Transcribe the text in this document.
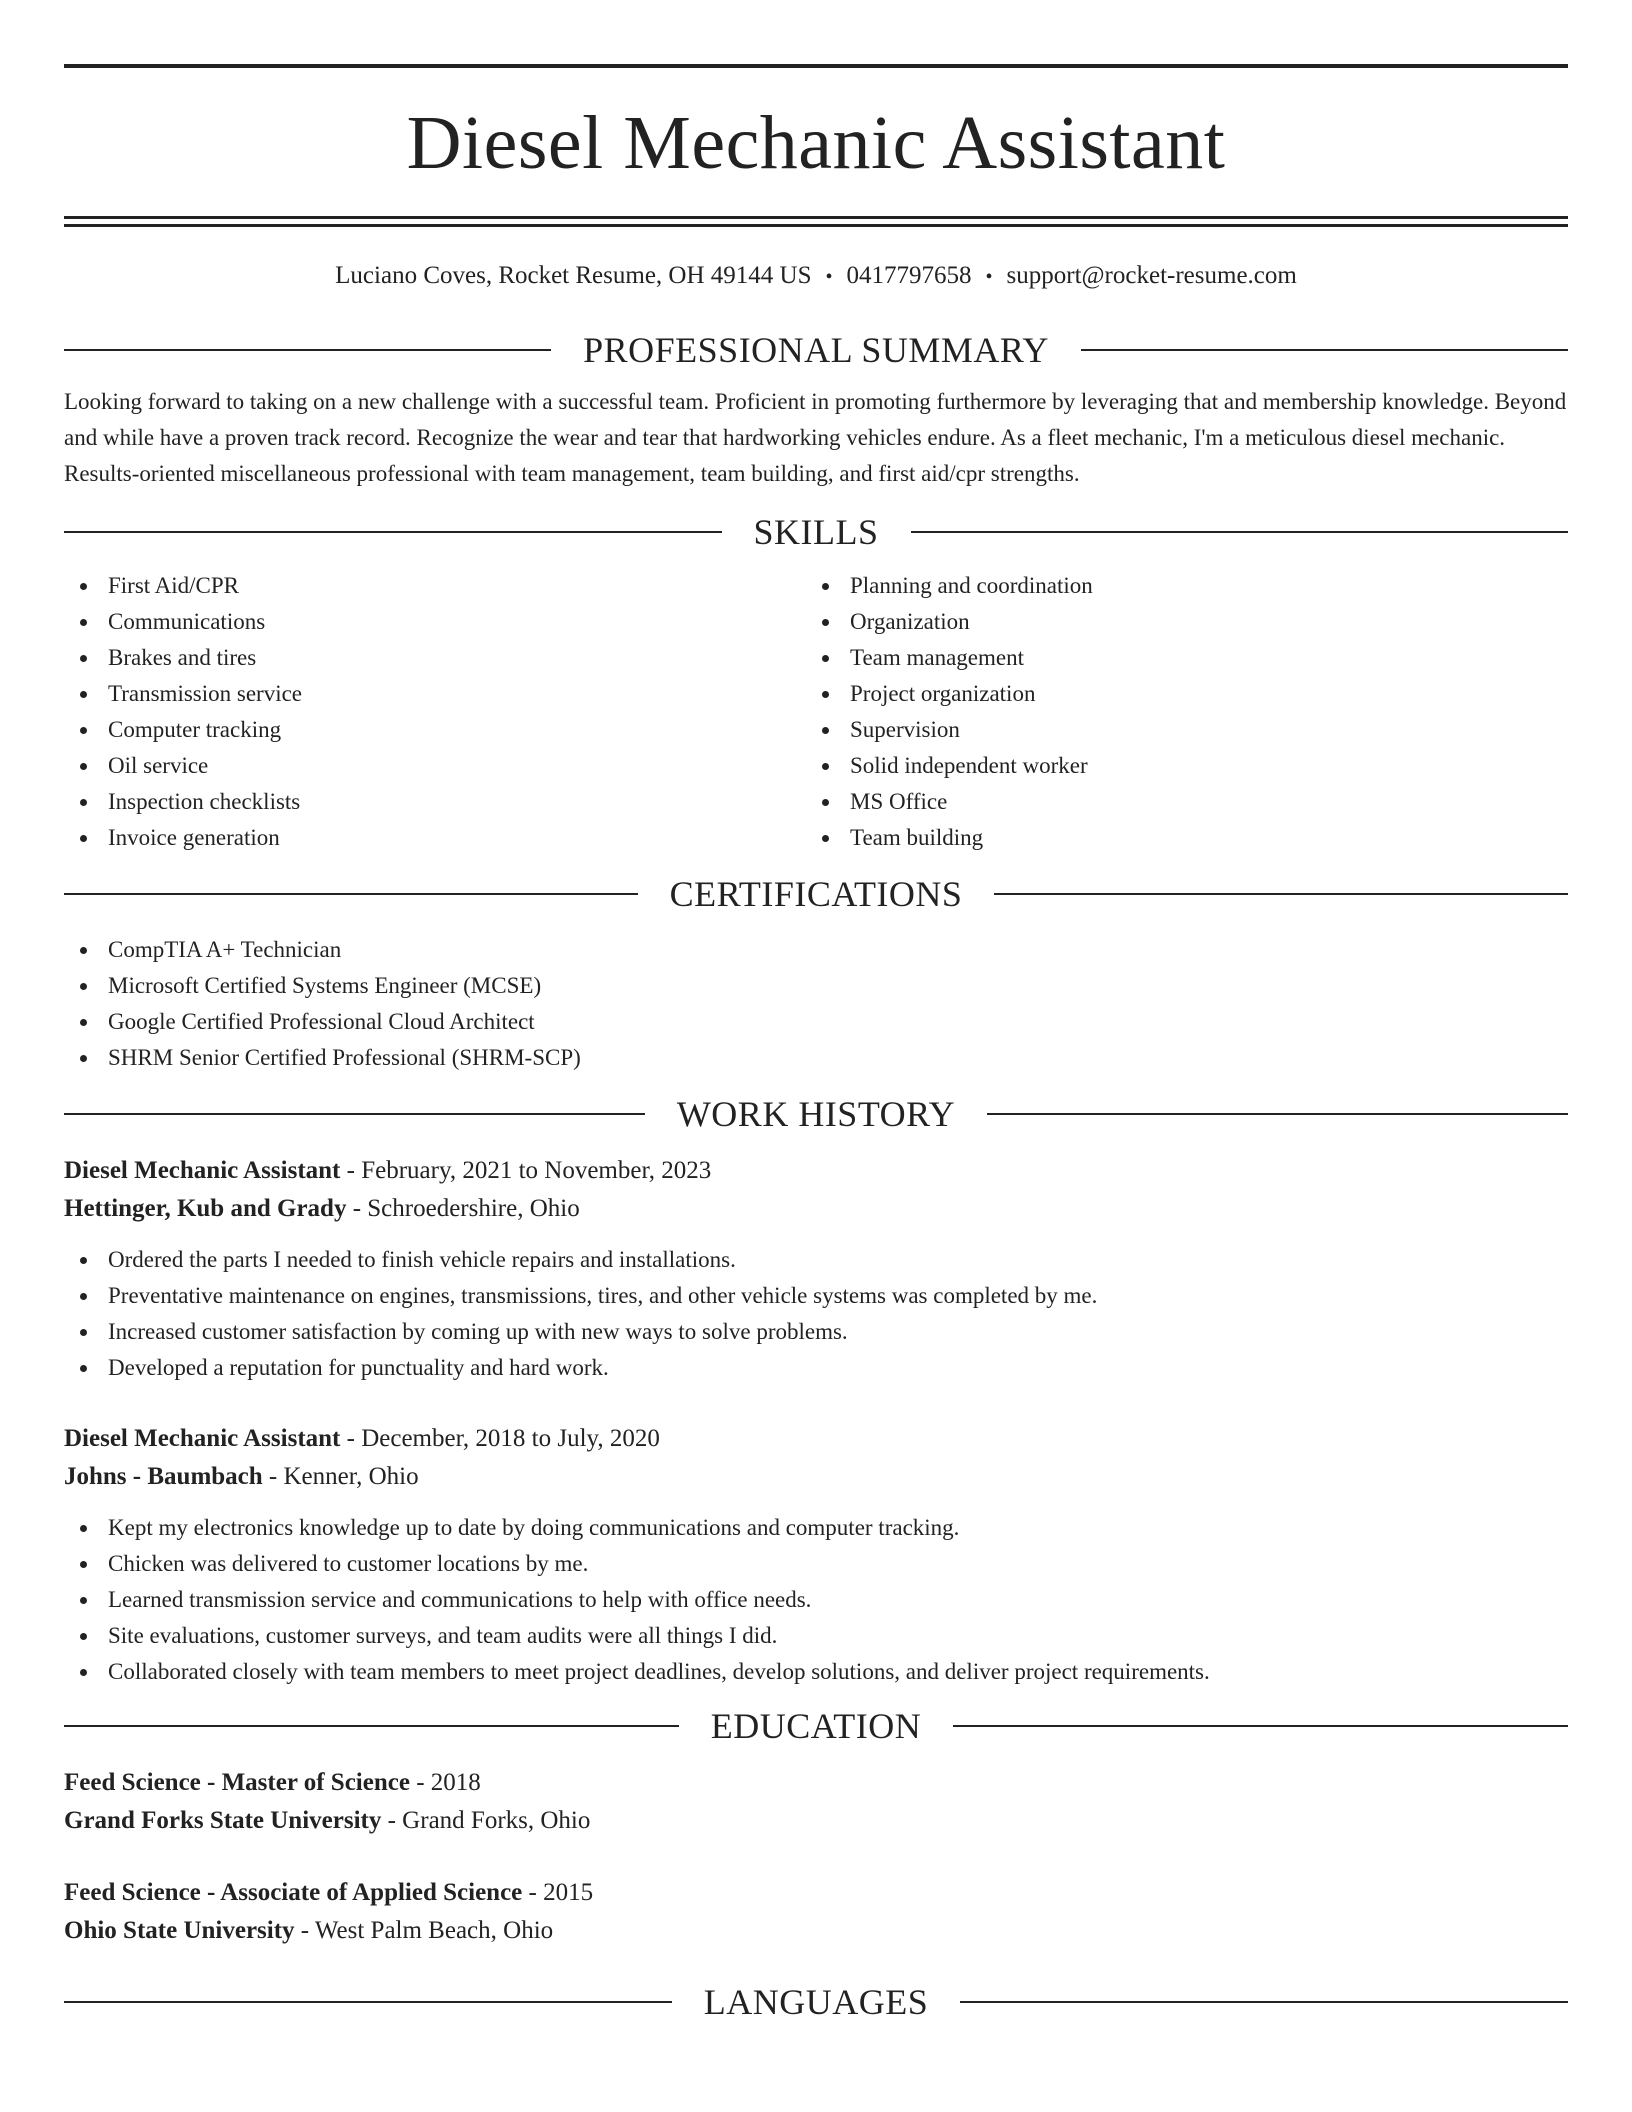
Diesel Mechanic Assistant
Luciano Coves, Rocket Resume, OH 49144 US • 0417797658 • support@rocket-resume.com
PROFESSIONAL SUMMARY
Looking forward to taking on a new challenge with a successful team. Proficient in promoting furthermore by leveraging that and membership knowledge. Beyond and while have a proven track record. Recognize the wear and tear that hardworking vehicles endure. As a fleet mechanic, I'm a meticulous diesel mechanic. Results-oriented miscellaneous professional with team management, team building, and first aid/cpr strengths.
SKILLS
First Aid/CPR
Communications
Brakes and tires
Transmission service
Computer tracking
Oil service
Inspection checklists
Invoice generation
Planning and coordination
Organization
Team management
Project organization
Supervision
Solid independent worker
MS Office
Team building
CERTIFICATIONS
CompTIA A+ Technician
Microsoft Certified Systems Engineer (MCSE)
Google Certified Professional Cloud Architect
SHRM Senior Certified Professional (SHRM-SCP)
WORK HISTORY
Diesel Mechanic Assistant - February, 2021 to November, 2023
Hettinger, Kub and Grady - Schroedershire, Ohio
Ordered the parts I needed to finish vehicle repairs and installations.
Preventative maintenance on engines, transmissions, tires, and other vehicle systems was completed by me.
Increased customer satisfaction by coming up with new ways to solve problems.
Developed a reputation for punctuality and hard work.
Diesel Mechanic Assistant - December, 2018 to July, 2020
Johns - Baumbach - Kenner, Ohio
Kept my electronics knowledge up to date by doing communications and computer tracking.
Chicken was delivered to customer locations by me.
Learned transmission service and communications to help with office needs.
Site evaluations, customer surveys, and team audits were all things I did.
Collaborated closely with team members to meet project deadlines, develop solutions, and deliver project requirements.
EDUCATION
Feed Science - Master of Science - 2018
Grand Forks State University - Grand Forks, Ohio
Feed Science - Associate of Applied Science - 2015
Ohio State University - West Palm Beach, Ohio
LANGUAGES
